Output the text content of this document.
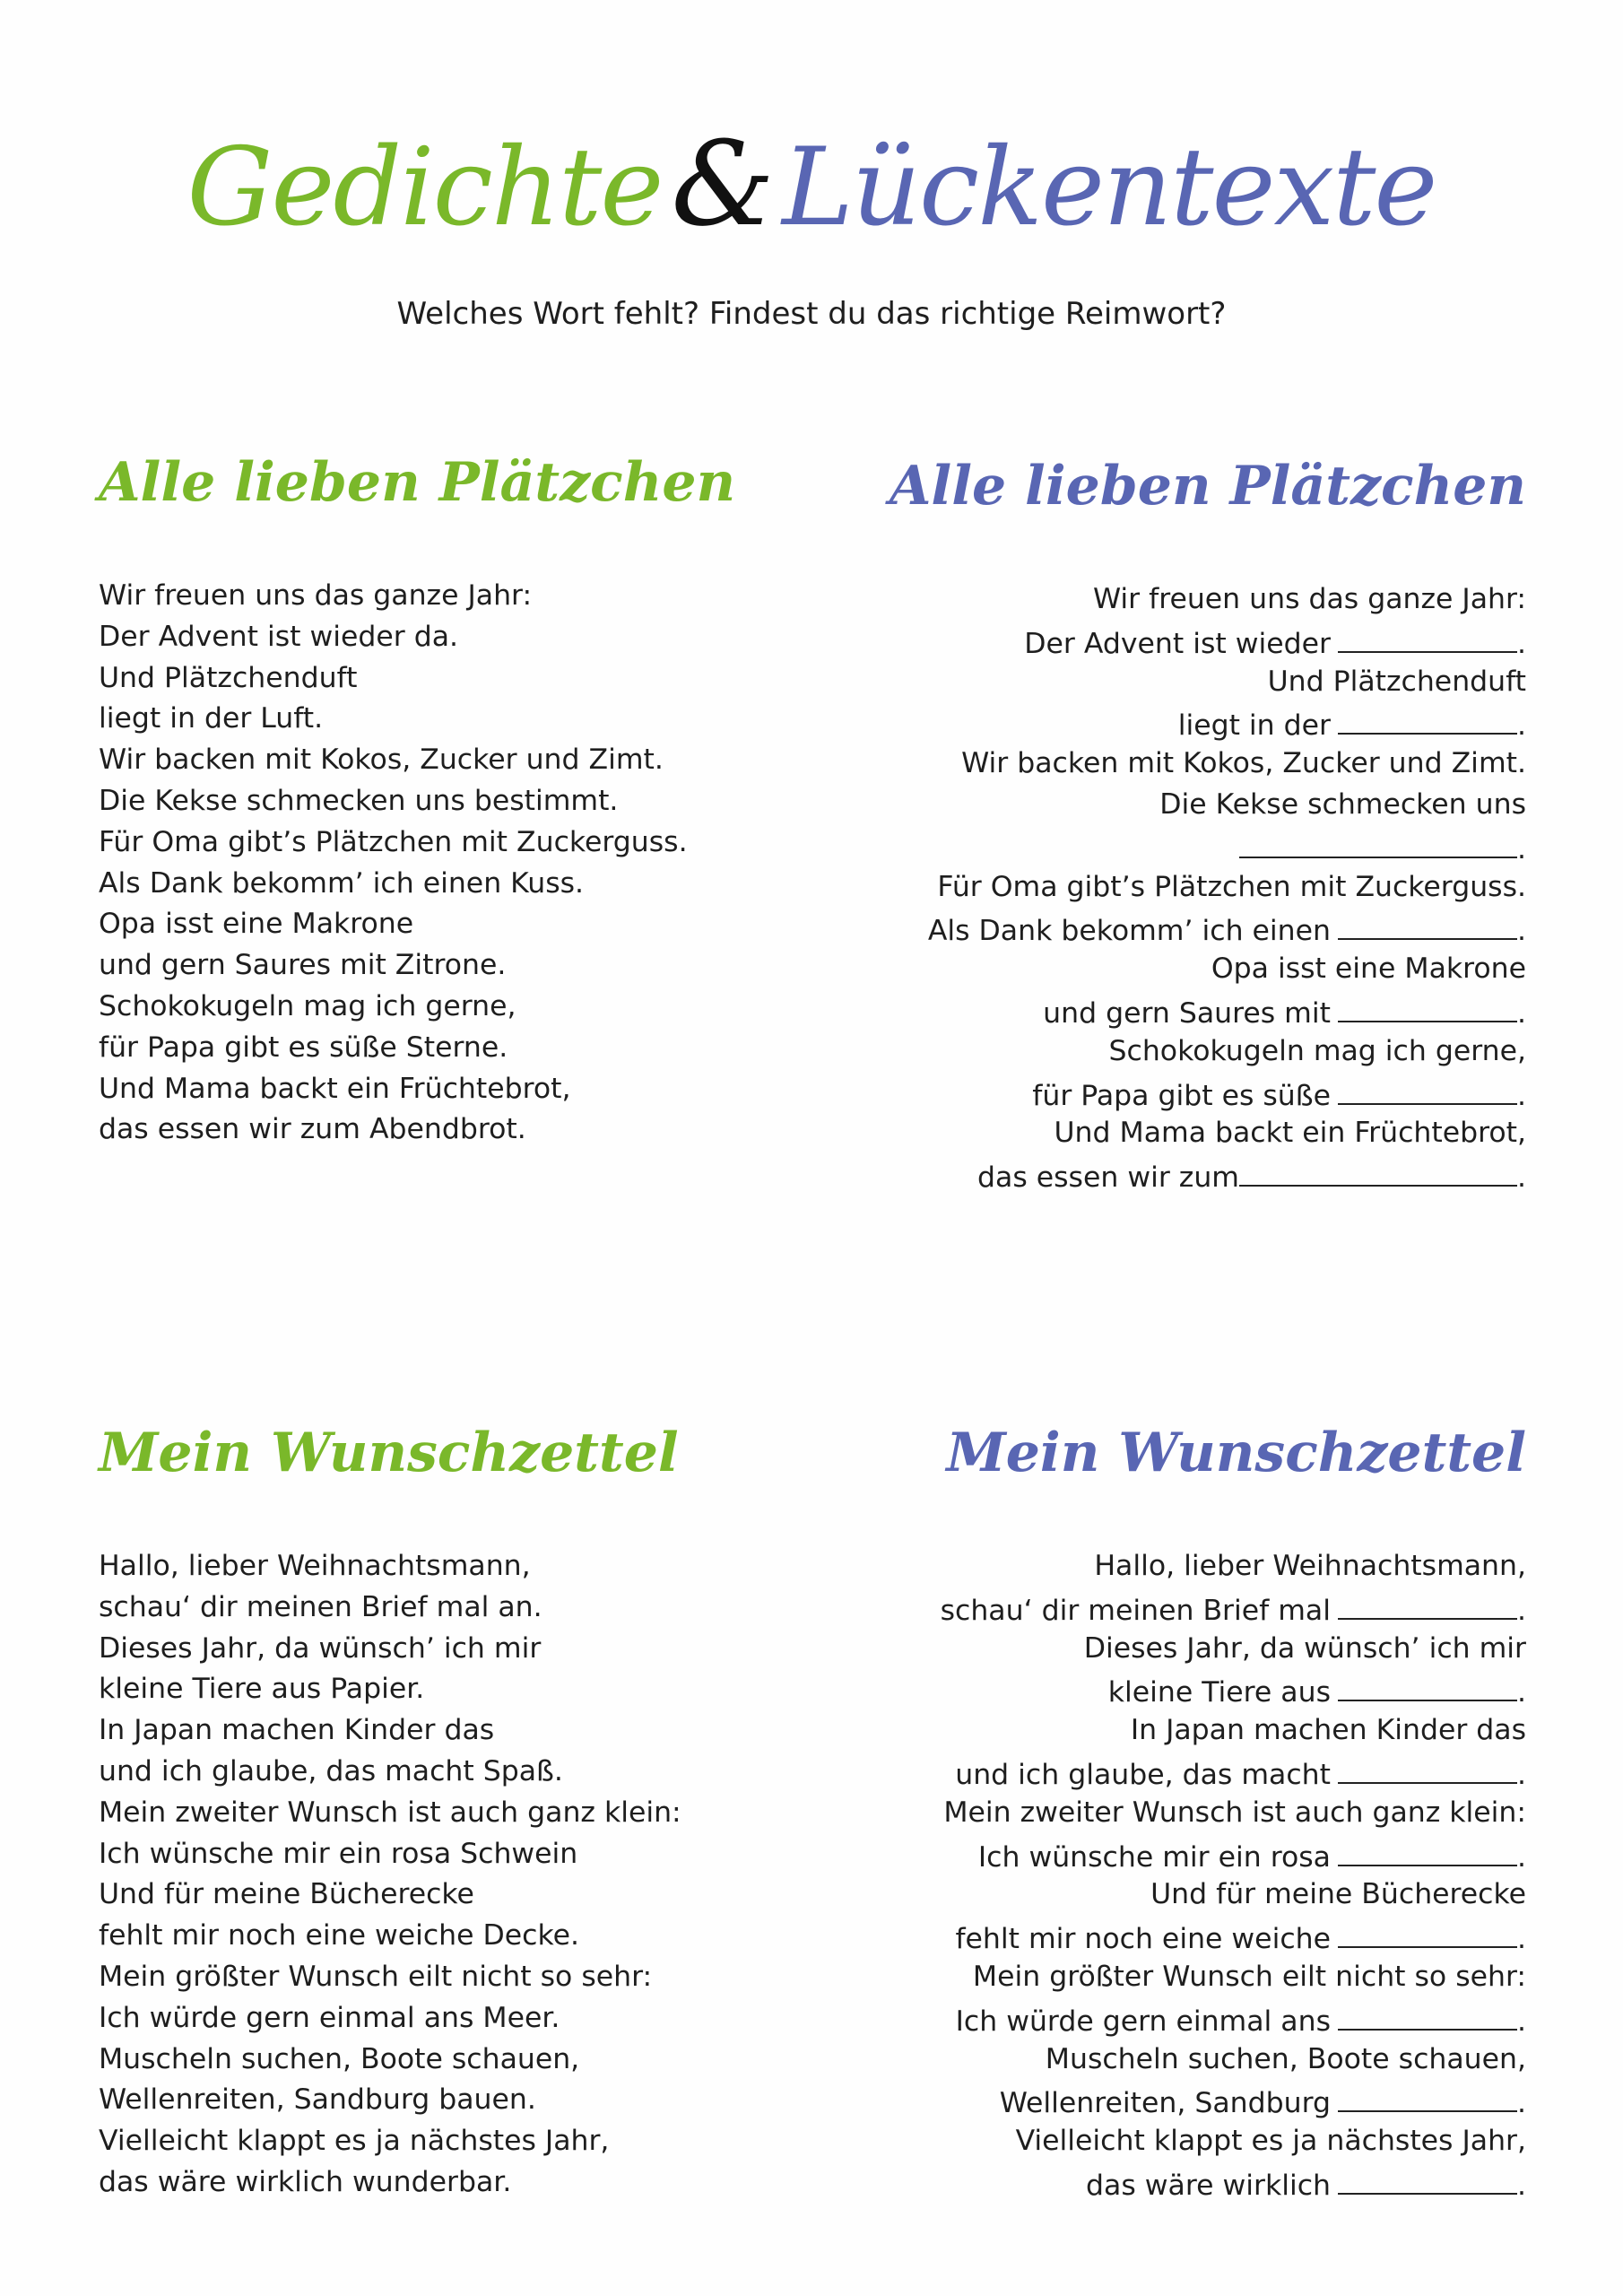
Gedichte&Lückentexte
Welches Wort fehlt? Findest du das richtige Reimwort?
Alle lieben Plätzchen
Wir freuen uns das ganze Jahr:
Der Advent ist wieder da.
Und Plätzchenduft
liegt in der Luft.
Wir backen mit Kokos, Zucker und Zimt.
Die Kekse schmecken uns bestimmt.
Für Oma gibt’s Plätzchen mit Zuckerguss.
Als Dank bekomm’ ich einen Kuss.
Opa isst eine Makrone
und gern Saures mit Zitrone.
Schokokugeln mag ich gerne,
für Papa gibt es süße Sterne.
Und Mama backt ein Früchtebrot,
das essen wir zum Abendbrot.
Alle lieben Plätzchen
Wir freuen uns das ganze Jahr:
Der Advent ist wieder	.
Und Plätzchenduft
liegt in der	.
Wir backen mit Kokos, Zucker und Zimt.
Die Kekse schmecken uns
.
Für Oma gibt’s Plätzchen mit Zuckerguss.
Als Dank bekomm’ ich einen	.
Opa isst eine Makrone
und gern Saures mit	.
Schokokugeln mag ich gerne,
für Papa gibt es süße	.
Und Mama backt ein Früchtebrot,
das essen wir zum	.
Mein Wunschzettel
Hallo, lieber Weihnachtsmann,
schau‘ dir meinen Brief mal an.
Dieses Jahr, da wünsch’ ich mir
kleine Tiere aus Papier.
In Japan machen Kinder das
und ich glaube, das macht Spaß.
Mein zweiter Wunsch ist auch ganz klein:
Ich wünsche mir ein rosa Schwein
Und für meine Bücherecke
fehlt mir noch eine weiche Decke.
Mein größter Wunsch eilt nicht so sehr:
Ich würde gern einmal ans Meer.
Muscheln suchen, Boote schauen,
Wellenreiten, Sandburg bauen.
Vielleicht klappt es ja nächstes Jahr,
das wäre wirklich wunderbar.
Mein Wunschzettel
Hallo, lieber Weihnachtsmann,
schau‘ dir meinen Brief mal	.
Dieses Jahr, da wünsch’ ich mir
kleine Tiere aus	.
In Japan machen Kinder das
und ich glaube, das macht	.
Mein zweiter Wunsch ist auch ganz klein:
Ich wünsche mir ein rosa	.
Und für meine Bücherecke
fehlt mir noch eine weiche	.
Mein größter Wunsch eilt nicht so sehr:
Ich würde gern einmal ans	.
Muscheln suchen, Boote schauen,
Wellenreiten, Sandburg	.
Vielleicht klappt es ja nächstes Jahr,
das wäre wirklich	.
